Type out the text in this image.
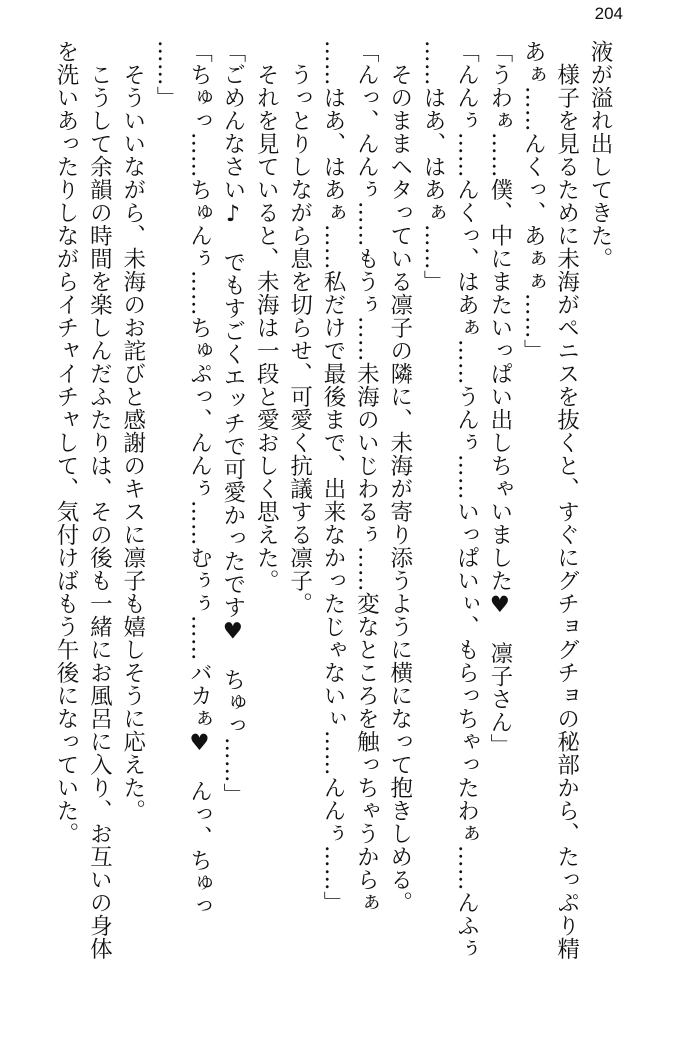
204
液が溢れ出してきた。
　様子を見るために未海がペニスを抜くと、すぐにグチョグチョの秘部から、たっぷり精
あぁ……んくっ、あぁぁ……」
「うわぁ……僕、中にまたいっぱい出しちゃいました♥　凛子さん」
「んんぅ……んくっ、はあぁ……うんぅ……いっぱいぃ、もらっちゃったわぁ……んふぅ
……はあ、はあぁ……」
　そのままヘタっている凛子の隣に、未海が寄り添うように横になって抱きしめる。
「んっ、んんぅ……もうぅ……未海のいじわるぅ……変なところを触っちゃうからぁ
……はあ、はあぁ……私だけで最後まで、出来なかったじゃないぃ……んんぅ……」
　うっとりしながら息を切らせ、可愛く抗議する凛子。
　それを見ていると、未海は一段と愛おしく思えた。
「ごめんなさい♪　でもすごくエッチで可愛かったです♥　ちゅっ……」
「ちゅっ……ちゅんぅ……ちゅぷっ、んんぅ……むぅぅ……バカぁ♥　んっ、ちゅっ
……」
　そういいながら、未海のお詫びと感謝のキスに凛子も嬉しそうに応えた。
　こうして余韻の時間を楽しんだふたりは、その後も一緒にお風呂に入り、お互いの身体
を洗いあったりしながらイチャイチャして、気付けばもう午後になっていた。
